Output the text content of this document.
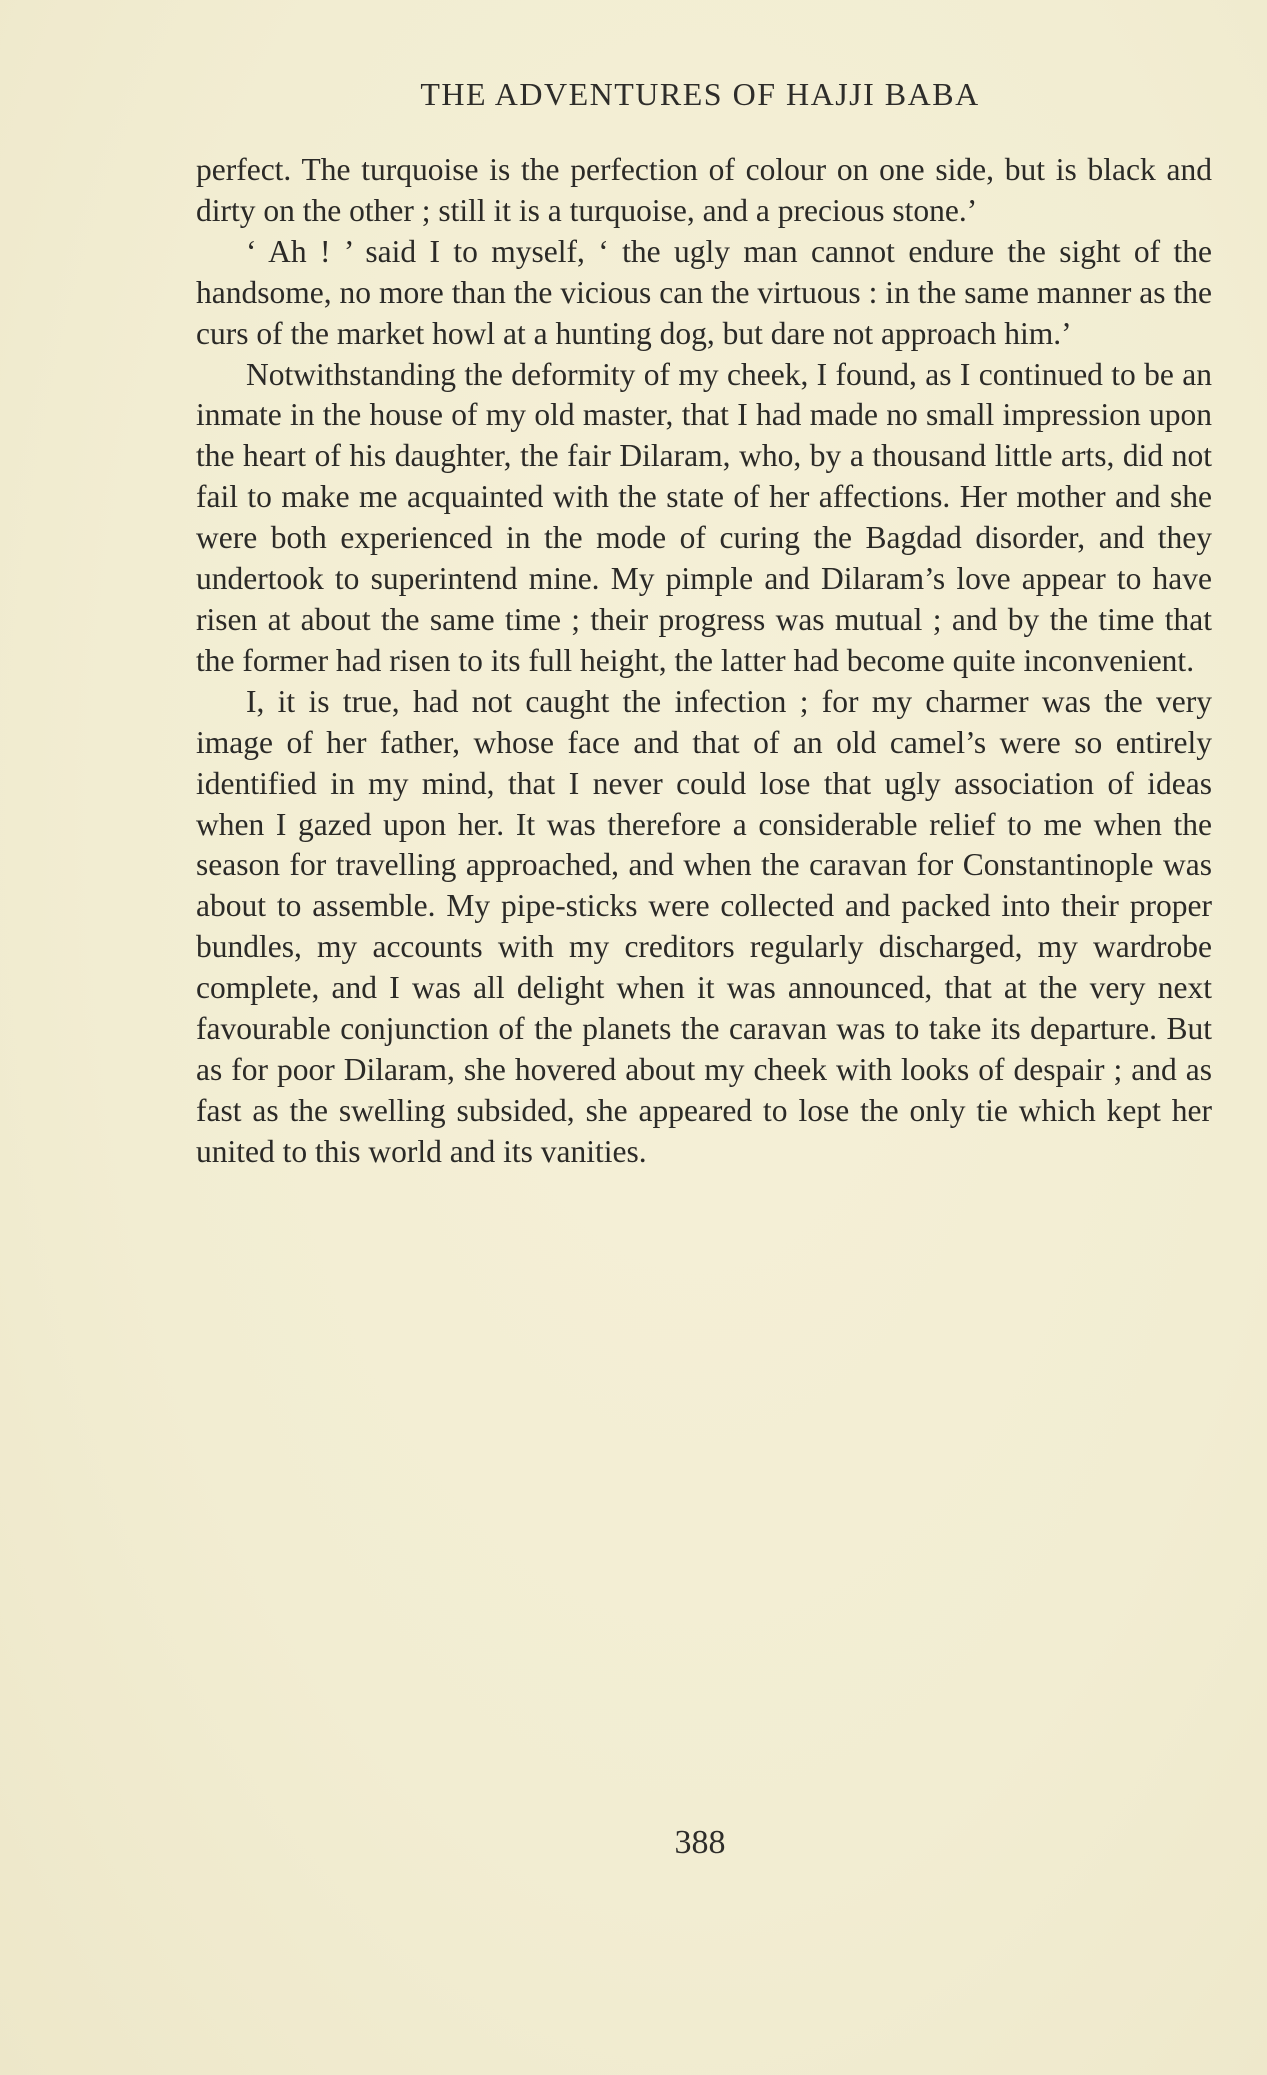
THE ADVENTURES OF HAJJI BABA

perfect. The turquoise is the perfection of colour on one side, but is black and dirty on the other ; still it is a turquoise, and a precious stone.’

‘ Ah ! ’ said I to myself, ‘ the ugly man cannot endure the sight of the handsome, no more than the vicious can the virtuous : in the same manner as the curs of the market howl at a hunting dog, but dare not approach him.’

Notwithstanding the deformity of my cheek, I found, as I continued to be an inmate in the house of my old master, that I had made no small impression upon the heart of his daughter, the fair Dilaram, who, by a thousand little arts, did not fail to make me acquainted with the state of her affections. Her mother and she were both experienced in the mode of curing the Bagdad disorder, and they undertook to superintend mine. My pimple and Dilaram’s love appear to have risen at about the same time ; their progress was mutual ; and by the time that the former had risen to its full height, the latter had become quite inconvenient.

I, it is true, had not caught the infection ; for my charmer was the very image of her father, whose face and that of an old camel’s were so entirely identified in my mind, that I never could lose that ugly association of ideas when I gazed upon her. It was therefore a considerable relief to me when the season for travelling approached, and when the caravan for Constantinople was about to assemble. My pipe-sticks were collected and packed into their proper bundles, my accounts with my creditors regularly discharged, my wardrobe complete, and I was all delight when it was announced, that at the very next favourable conjunction of the planets the caravan was to take its departure. But as for poor Dilaram, she hovered about my cheek with looks of despair ; and as fast as the swelling subsided, she appeared to lose the only tie which kept her united to this world and its vanities.

388
